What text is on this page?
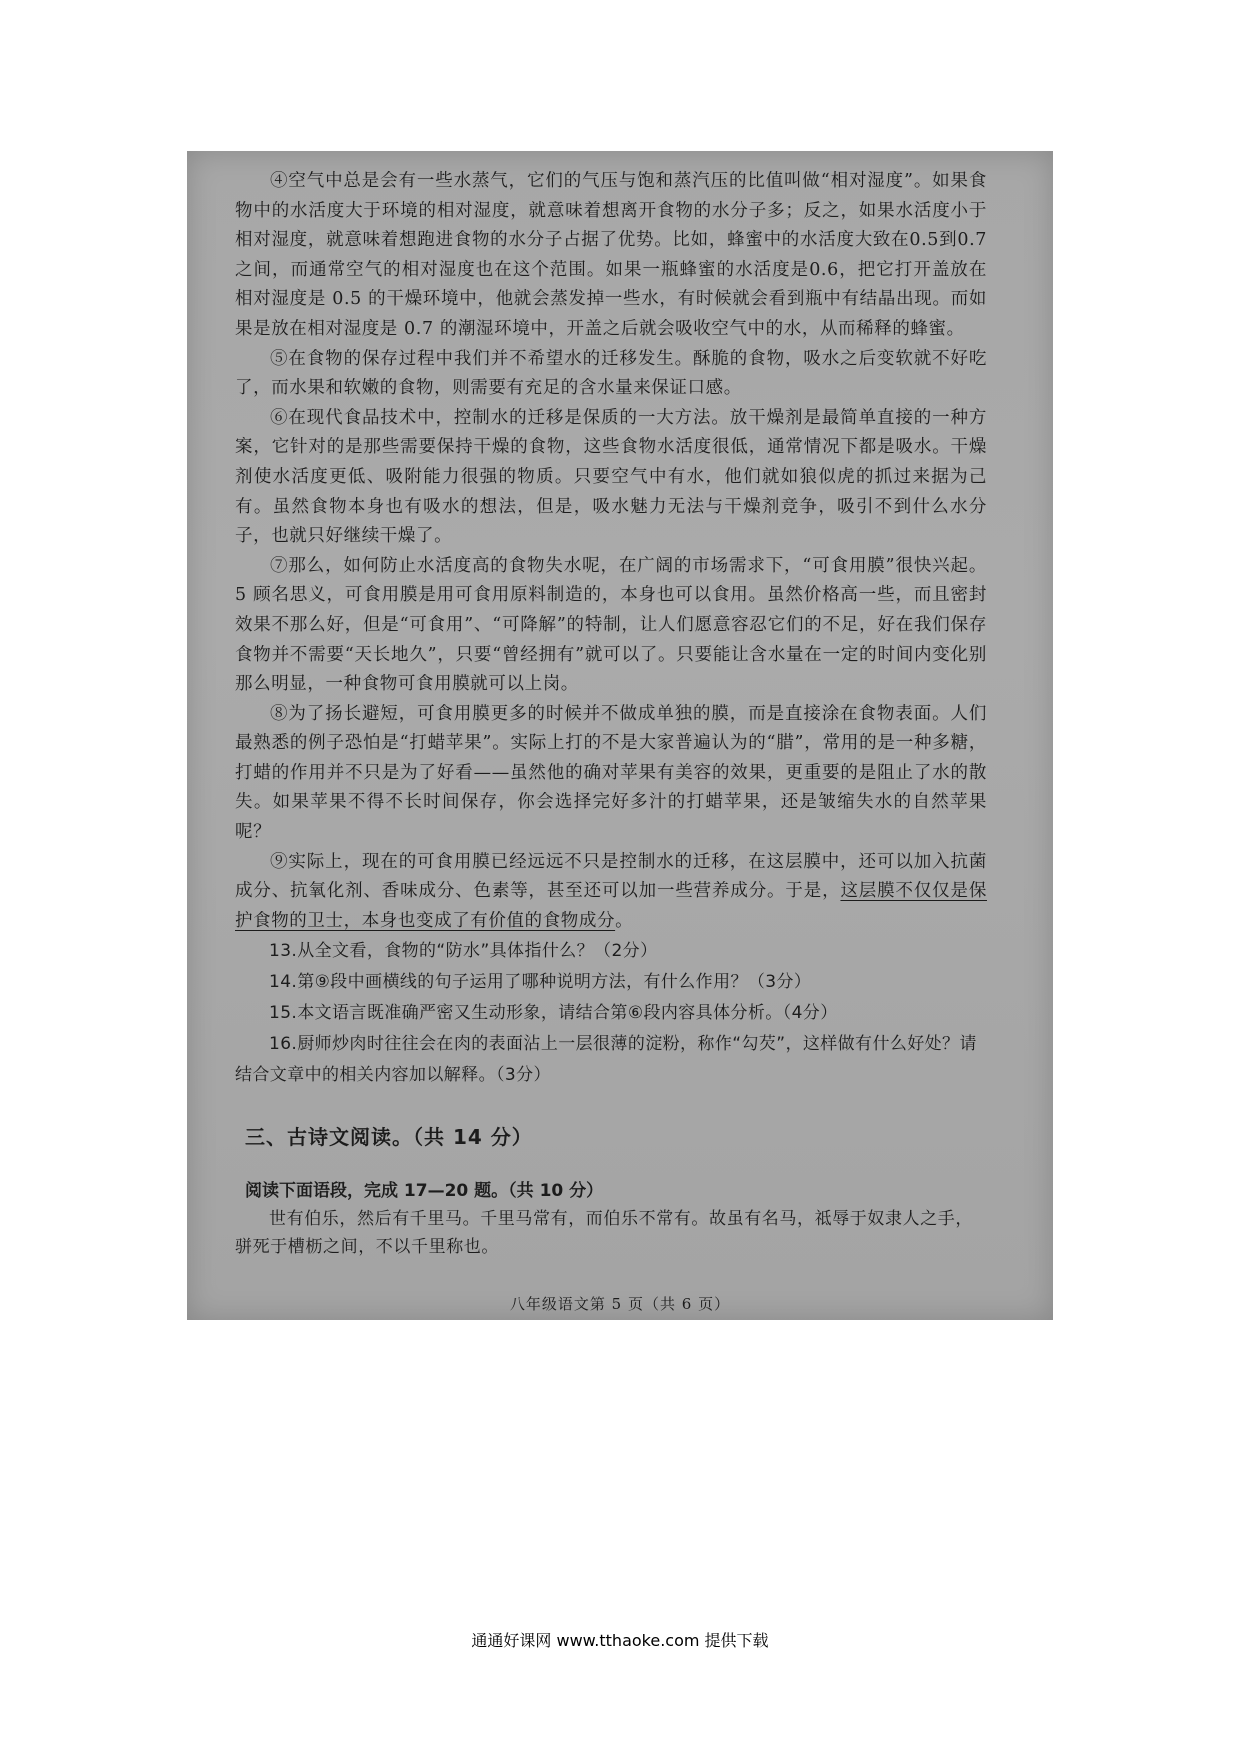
④空气中总是会有一些水蒸气，它们的气压与饱和蒸汽压的比值叫做“相对湿度”。如果食物中的水活度大于环境的相对湿度，就意味着想离开食物的水分子多；反之，如果水活度小于相对湿度，就意味着想跑进食物的水分子占据了优势。比如，蜂蜜中的水活度大致在0.5到0.7之间，而通常空气的相对湿度也在这个范围。如果一瓶蜂蜜的水活度是0.6，把它打开盖放在相对湿度是 0.5 的干燥环境中，他就会蒸发掉一些水，有时候就会看到瓶中有结晶出现。而如果是放在相对湿度是 0.7 的潮湿环境中，开盖之后就会吸收空气中的水，从而稀释的蜂蜜。

⑤在食物的保存过程中我们并不希望水的迁移发生。酥脆的食物，吸水之后变软就不好吃了，而水果和软嫩的食物，则需要有充足的含水量来保证口感。

⑥在现代食品技术中，控制水的迁移是保质的一大方法。放干燥剂是最简单直接的一种方案，它针对的是那些需要保持干燥的食物，这些食物水活度很低，通常情况下都是吸水。干燥剂使水活度更低、吸附能力很强的物质。只要空气中有水，他们就如狼似虎的抓过来据为己有。虽然食物本身也有吸水的想法，但是，吸水魅力无法与干燥剂竞争，吸引不到什么水分子，也就只好继续干燥了。

⑦那么，如何防止水活度高的食物失水呢，在广阔的市场需求下，“可食用膜”很快兴起。5 顾名思义，可食用膜是用可食用原料制造的，本身也可以食用。虽然价格高一些，而且密封效果不那么好，但是“可食用”、“可降解”的特制，让人们愿意容忍它们的不足，好在我们保存食物并不需要“天长地久”，只要“曾经拥有”就可以了。只要能让含水量在一定的时间内变化别那么明显，一种食物可食用膜就可以上岗。

⑧为了扬长避短，可食用膜更多的时候并不做成单独的膜，而是直接涂在食物表面。人们最熟悉的例子恐怕是“打蜡苹果”。实际上打的不是大家普遍认为的“腊”，常用的是一种多糖，打蜡的作用并不只是为了好看——虽然他的确对苹果有美容的效果，更重要的是阻止了水的散失。如果苹果不得不长时间保存，你会选择完好多汁的打蜡苹果，还是皱缩失水的自然苹果呢？

⑨实际上，现在的可食用膜已经远远不只是控制水的迁移，在这层膜中，还可以加入抗菌成分、抗氧化剂、香味成分、色素等，甚至还可以加一些营养成分。于是，这层膜不仅仅是保护食物的卫士，本身也变成了有价值的食物成分。

13.从全文看，食物的“防水”具体指什么？（2分）

14.第⑨段中画横线的句子运用了哪种说明方法，有什么作用？（3分）

15.本文语言既准确严密又生动形象，请结合第⑥段内容具体分析。（4分）

16.厨师炒肉时往往会在肉的表面沾上一层很薄的淀粉，称作“勾芡”，这样做有什么好处？请结合文章中的相关内容加以解释。（3分）

三、古诗文阅读。（共 14 分）

阅读下面语段，完成 17—20 题。（共 10 分）

世有伯乐，然后有千里马。千里马常有，而伯乐不常有。故虽有名马，祗辱于奴隶人之手，骈死于槽枥之间，不以千里称也。

八年级语文第 5 页（共 6 页）
通通好课网 www.tthaoke.com 提供下载
